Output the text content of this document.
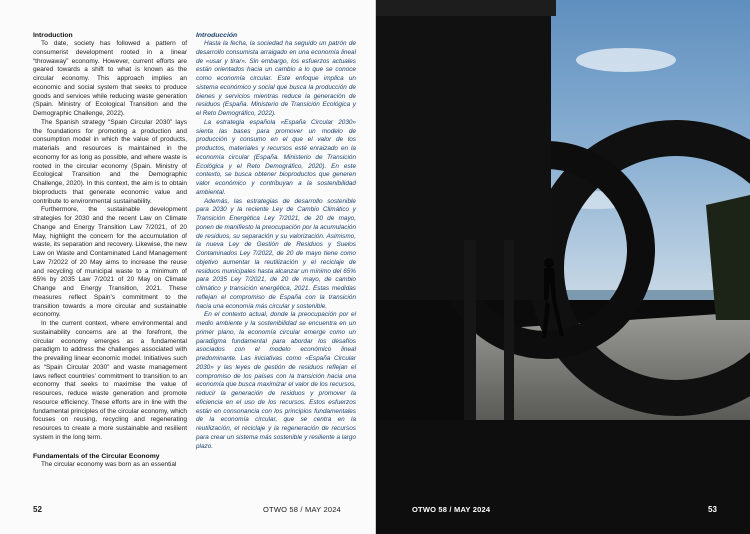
Introduction

To date, society has followed a pattern of consumerist development rooted in a linear “throwaway” economy. However, current efforts are geared towards a shift to what is known as the circular economy. This approach implies an economic and social system that seeks to produce goods and services while reducing waste generation (Spain. Ministry of Ecological Transition and the Demographic Challenge, 2022).

The Spanish strategy “Spain Circular 2030” lays the foundations for promoting a production and consumption model in which the value of products, materials and resources is maintained in the economy for as long as possible, and where waste is rooted in the circular economy (Spain. Ministry of Ecological Transition and the Demographic Challenge, 2020). In this context, the aim is to obtain bioproducts that generate economic value and contribute to environmental sustainability.

Furthermore, the sustainable development strategies for 2030 and the recent Law on Climate Change and Energy Transition Law 7/2021, of 20 May, highlight the concern for the accumulation of waste, its separation and recovery. Likewise, the new Law on Waste and Contaminated Land Management Law 7/2022 of 20 May aims to increase the reuse and recycling of municipal waste to a minimum of 65% by 2035 Law 7/2021 of 20 May on Climate Change and Energy Transition, 2021. These measures reflect Spain’s commitment to the transition towards a more circular and sustainable economy.

In the current context, where environmental and sustainability concerns are at the forefront, the circular economy emerges as a fundamental paradigm to address the challenges associated with the prevailing linear economic model. Initiatives such as “Spain Circular 2030” and waste management laws reflect countries’ commitment to transition to an economy that seeks to maximise the value of resources, reduce waste generation and promote resource efficiency. These efforts are in line with the fundamental principles of the circular economy, which focuses on reusing, recycling and regenerating resources to create a more sustainable and resilient system in the long term.

Fundamentals of the Circular Economy

The circular economy was born as an essential

Introducción

Hasta la fecha, la sociedad ha seguido un patrón de desarrollo consumista arraigado en una economía lineal de «usar y tirar». Sin embargo, los esfuerzos actuales están orientados hacia un cambio a lo que se conoce como economía circular. Este enfoque implica un sistema económico y social que busca la producción de bienes y servicios mientras reduce la generación de residuos (España. Ministerio de Transición Ecológica y el Reto Demográfico, 2022).

La estrategia española «España Circular 2030» sienta las bases para promover un modelo de producción y consumo en el que el valor de los productos, materiales y recursos esté enraizado en la economía circular (España. Ministerio de Transición Ecológica y el Reto Demográfico, 2020). En este contexto, se busca obtener bioproductos que generen valor económico y contribuyan a la sostenibilidad ambiental.

Además, las estrategias de desarrollo sostenible para 2030 y la reciente Ley de Cambio Climático y Transición Energética Ley 7/2021, de 20 de mayo, ponen de manifiesto la preocupación por la acumulación de residuos, su separación y su valorización. Asimismo, la nueva Ley de Gestión de Residuos y Suelos Contaminados Ley 7/2022, de 20 de mayo tiene como objetivo aumentar la reutilización y el reciclaje de residuos municipales hasta alcanzar un mínimo del 65% para 2035 Ley 7/2021, de 20 de mayo, de cambio climático y transición energética, 2021. Estas medidas reflejan el compromiso de España con la transición hacia una economía más circular y sostenible.

En el contexto actual, donde la preocupación por el medio ambiente y la sostenibilidad se encuentra en un primer plano, la economía circular emerge como un paradigma fundamental para abordar los desafíos asociados con el modelo económico lineal predominante. Las iniciativas como «España Circular 2030» y las leyes de gestión de residuos reflejan el compromiso de los países con la transición hacia una economía que busca maximizar el valor de los recursos, reducir la generación de residuos y promover la eficiencia en el uso de los recursos. Estos esfuerzos están en consonancia con los principios fundamentales de la economía circular, que se centra en la reutilización, el reciclaje y la regeneración de recursos para crear un sistema más sostenible y resiliente a largo plazo.

52	OTWO 58 / MAY 2024	OTWO 58 / MAY 2024	53
